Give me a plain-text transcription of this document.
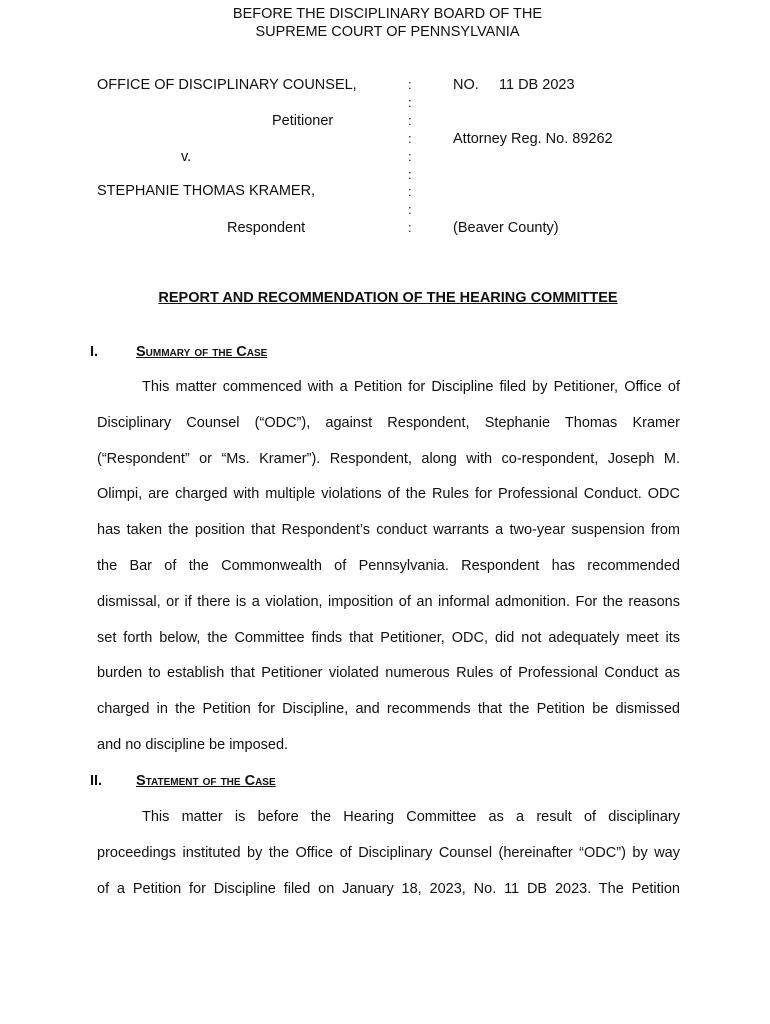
BEFORE THE DISCIPLINARY BOARD OF THE
SUPREME COURT OF PENNSYLVANIA
OFFICE OF DISCIPLINARY COUNSEL,
Petitioner
v.
STEPHANIE THOMAS KRAMER,
Respondent
:
:
:
:
:
:
:
:
:
NO. 11 DB 2023
Attorney Reg. No. 89262
(Beaver County)
REPORT AND RECOMMENDATION OF THE HEARING COMMITTEE
I.	Summary of the Case
This matter commenced with a Petition for Discipline filed by Petitioner, Office of
Disciplinary Counsel (“ODC”), against Respondent, Stephanie Thomas Kramer
(“Respondent” or “Ms. Kramer”). Respondent, along with co-respondent, Joseph M.
Olimpi, are charged with multiple violations of the Rules for Professional Conduct. ODC
has taken the position that Respondent’s conduct warrants a two-year suspension from
the Bar of the Commonwealth of Pennsylvania. Respondent has recommended
dismissal, or if there is a violation, imposition of an informal admonition. For the reasons
set forth below, the Committee finds that Petitioner, ODC, did not adequately meet its
burden to establish that Petitioner violated numerous Rules of Professional Conduct as
charged in the Petition for Discipline, and recommends that the Petition be dismissed
and no discipline be imposed.
II. Statement of the Case
This matter is before the Hearing Committee as a result of disciplinary
proceedings instituted by the Office of Disciplinary Counsel (hereinafter “ODC”) by way
of a Petition for Discipline filed on January 18, 2023, No. 11 DB 2023. The Petition
